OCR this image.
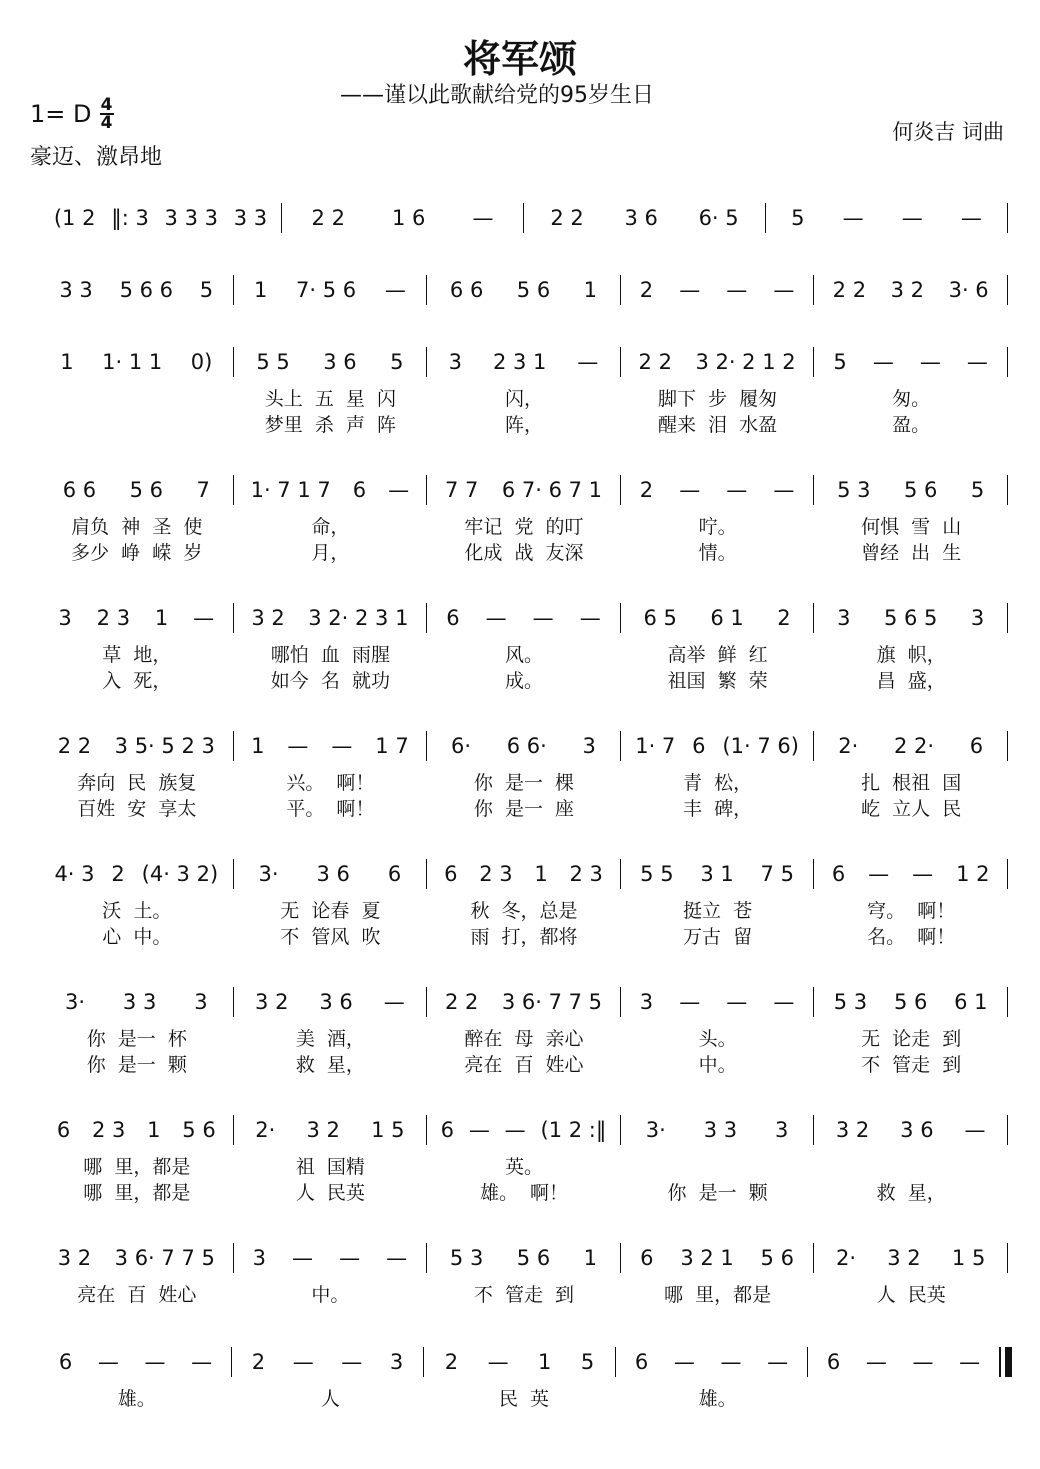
将军颂
——谨以此歌献给党的95岁生日
1= D 4
4
豪迈、激昂地
何炎吉 词曲
(1 2 ‖: 3 3 3 3 3 3 2 2 1 6 —	2 2 3 6 6· 5 5 — — —
3 3 5 6 6 5 1 7· 5 6 — 6 6 5 6 1 2 — — — 2 2 3 2 3· 6
1 1· 1 1 0) 5 5 3 6 5 3 2 3 1 — 2 2 3 2· 2 1 2 5 — — —
头上  五  星  闪	闪，	脚下  步  履匆	匆。
梦里  杀  声  阵	阵，	醒来  泪  水盈	盈。
6 6 5 6 7 1· 7 1 7 6 — 7 7 6 7· 6 7 1 2 — — — 5 3 5 6 5
肩负  神  圣  使	命，	牢记  党  的叮	咛。	何惧  雪  山
多少  峥  嵘  岁	月，	化成  战  友深	情。	曾经  出  生
3 2 3 1 — 3 2 3 2· 2 3 1 6 — — — 6 5 6 1 2 3 5 6 5 3
草  地，	哪怕  血  雨腥	风。	高举  鲜  红	旗  帜，
入  死，	如今  名  就功	成。	祖国  繁  荣	昌  盛，
2 2 3 5· 5 2 3 1 — — 1 7 6· 6 6· 3 1· 7 6 (1· 7 6) 2· 2 2· 6
奔向  民  族复	兴。  啊！	你  是一  棵	青  松，	扎  根祖  国
百姓  安  享太	平。  啊！	你  是一  座	丰  碑，	屹  立人  民
4· 3 2 (4· 3 2) 3· 3 6 6 6 2 3 1 2 3 5 5 3 1 7 5 6 — — 1 2
沃  土。	无  论春  夏	秋  冬，总是	挺立  苍	穹。  啊！
心  中。	不  管风  吹	雨  打，都将	万古  留	名。  啊！
3· 3 3 3 3 2 3 6 — 2 2 3 6· 7 7 5 3 — — — 5 3 5 6 6 1
你  是一  杯	美  酒，	醉在  母  亲心	头。	无  论走  到
你  是一  颗	救  星，	亮在  百  姓心	中。	不  管走  到
6 2 3 1 5 6 2· 3 2 1 5 6 — — (1 2 :‖ 3· 3 3 3 3 2 3 6 —
哪  里，都是	祖  国精	英。
哪  里，都是	人  民英	雄。  啊！	你  是一  颗	救  星，
3 2 3 6· 7 7 5 3 — — — 5 3 5 6 1 6 3 2 1 5 6 2· 3 2 1 5
亮在  百  姓心	中。	不  管走  到	哪  里，都是	人  民英
6 — — — 2 — — 3 2 — 1 5 6 — — — 6 — — —
雄。	人	民  英	雄。
